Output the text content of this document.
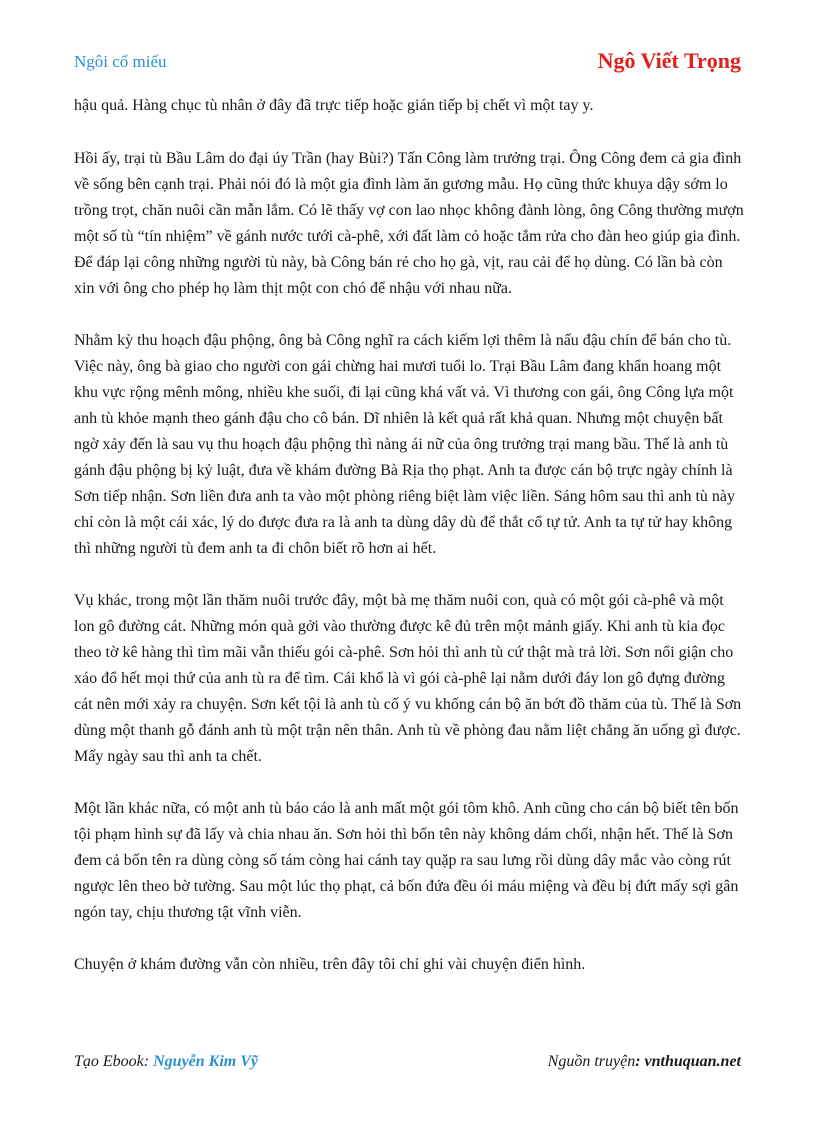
Ngôi cổ miếu	Ngô Viết Trọng

hậu quả. Hàng chục tù nhân ở đây đã trực tiếp hoặc gián tiếp bị chết vì một tay y.

Hồi ấy, trại tù Bầu Lâm do đại úy Trần (hay Bùi?) Tấn Công làm trưởng trại. Ông Công đem cả gia đình về sống bên cạnh trại. Phải nói đó là một gia đình làm ăn gương mẫu. Họ cũng thức khuya dậy sớm lo trồng trọt, chăn nuôi cần mẫn lắm. Có lẽ thấy vợ con lao nhọc không đành lòng, ông Công thường mượn một số tù “tín nhiệm” về gánh nước tưới cà-phê, xới đất làm cỏ hoặc tắm rửa cho đàn heo giúp gia đình. Để đáp lại công những người tù này, bà Công bán rẻ cho họ gà, vịt, rau cải để họ dùng. Có lần bà còn xin với ông cho phép họ làm thịt một con chó để nhậu với nhau nữa.

Nhằm kỳ thu hoạch đậu phộng, ông bà Công nghĩ ra cách kiếm lợi thêm là nấu đậu chín để bán cho tù. Việc này, ông bà giao cho người con gái chừng hai mươi tuổi lo. Trại Bầu Lâm đang khẩn hoang một khu vực rộng mênh mông, nhiều khe suối, đi lại cũng khá vất vả. Vì thương con gái, ông Công lựa một anh tù khỏe mạnh theo gánh đậu cho cô bán. Dĩ nhiên là kết quả rất khả quan. Nhưng một chuyện bất ngờ xảy đến là sau vụ thu hoạch đậu phộng thì nàng ái nữ của ông trưởng trại mang bầu. Thế là anh tù gánh đậu phộng bị kỷ luật, đưa về khám đường Bà Rịa thọ phạt. Anh ta được cán bộ trực ngày chính là Sơn tiếp nhận. Sơn liền đưa anh ta vào một phòng riêng biệt làm việc liền. Sáng hôm sau thì anh tù này chỉ còn là một cái xác, lý do được đưa ra là anh ta dùng dây dù để thắt cổ tự tử. Anh ta tự tử hay không thì những người tù đem anh ta đi chôn biết rõ hơn ai hết.

Vụ khác, trong một lần thăm nuôi trước đây, một bà mẹ thăm nuôi con, quà có một gói cà-phê và một lon gô đường cát. Những món quà gởi vào thường được kê đủ trên một mảnh giấy. Khi anh tù kia đọc theo tờ kê hàng thì tìm mãi vẫn thiếu gói cà-phê. Sơn hỏi thì anh tù cứ thật mà trả lời. Sơn nổi giận cho xáo đổ hết mọi thứ của anh tù ra để tìm. Cái khổ là vì gói cà-phê lại nằm dưới đáy lon gô đựng đường cát nên mới xảy ra chuyện. Sơn kết tội là anh tù cố ý vu khống cán bộ ăn bớt đồ thăm của tù. Thế là Sơn dùng một thanh gỗ đánh anh tù một trận nên thân. Anh tù về phòng đau nằm liệt chẳng ăn uống gì được. Mấy ngày sau thì anh ta chết.

Một lần khác nữa, có một anh tù báo cáo là anh mất một gói tôm khô. Anh cũng cho cán bộ biết tên bốn tội phạm hình sự đã lấy và chia nhau ăn. Sơn hỏi thì bốn tên này không dám chối, nhận hết. Thế là Sơn đem cả bốn tên ra dùng còng số tám còng hai cánh tay quặp ra sau lưng rồi dùng dây mắc vào còng rút ngược lên theo bờ tường. Sau một lúc thọ phạt, cả bốn đứa đều ói máu miệng và đều bị đứt mấy sợi gân ngón tay, chịu thương tật vĩnh viễn.

Chuyện ở khám đường vẫn còn nhiều, trên đây tôi chỉ ghi vài chuyện điển hình.

Tạo Ebook: Nguyễn Kim Vỹ	Nguồn truyện: vnthuquan.net
